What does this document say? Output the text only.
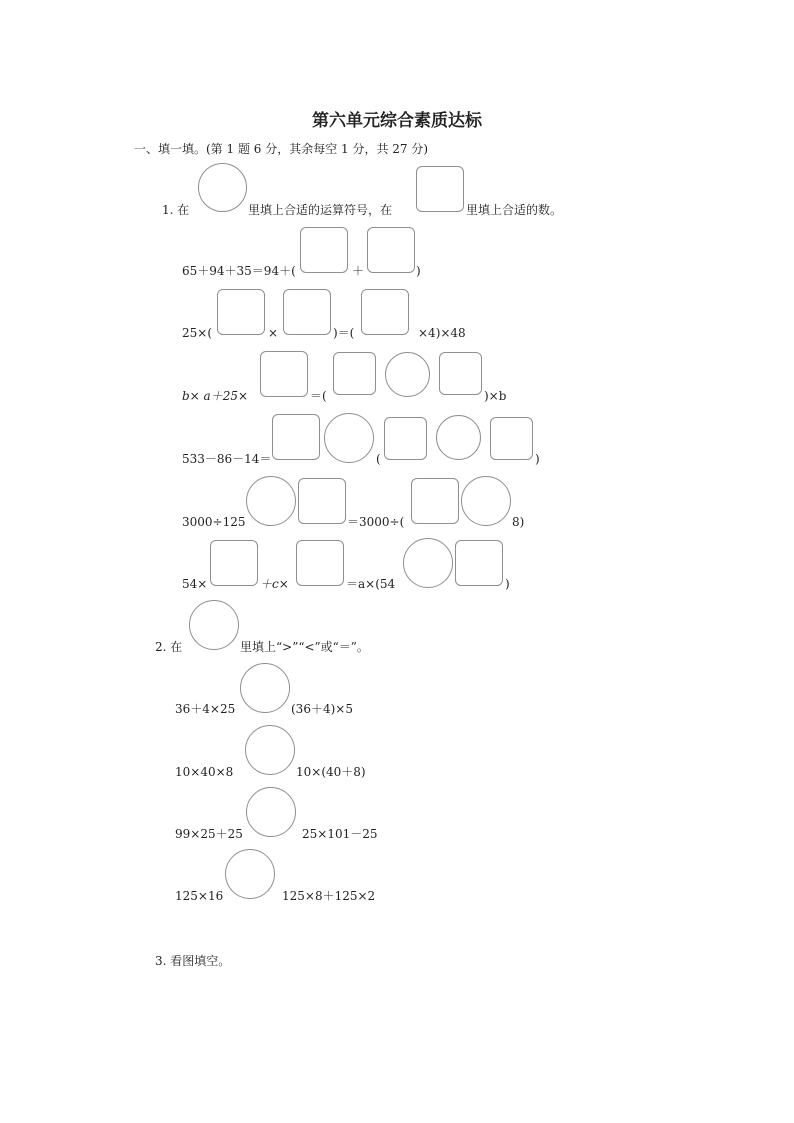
第六单元综合素质达标
一、填一填。(第 1 题 6 分，其余每空 1 分，共 27 分)
1. 在	里填上合适的运算符号，在	里填上合适的数。
65＋94＋35＝94＋(	＋	)
25×(	×	)＝(	×4)×48
b× a＋25×	＝(	)×b
533－86－14＝	(	)
3000÷125	＝3000÷(	8)
54×	＋c×	＝a×(54	)
2. 在	里填上“>”“<”或“＝”。
36＋4×25	(36＋4)×5
10×40×8	10×(40＋8)
99×25＋25	25×101－25
125×16	125×8＋125×2
3. 看图填空。
